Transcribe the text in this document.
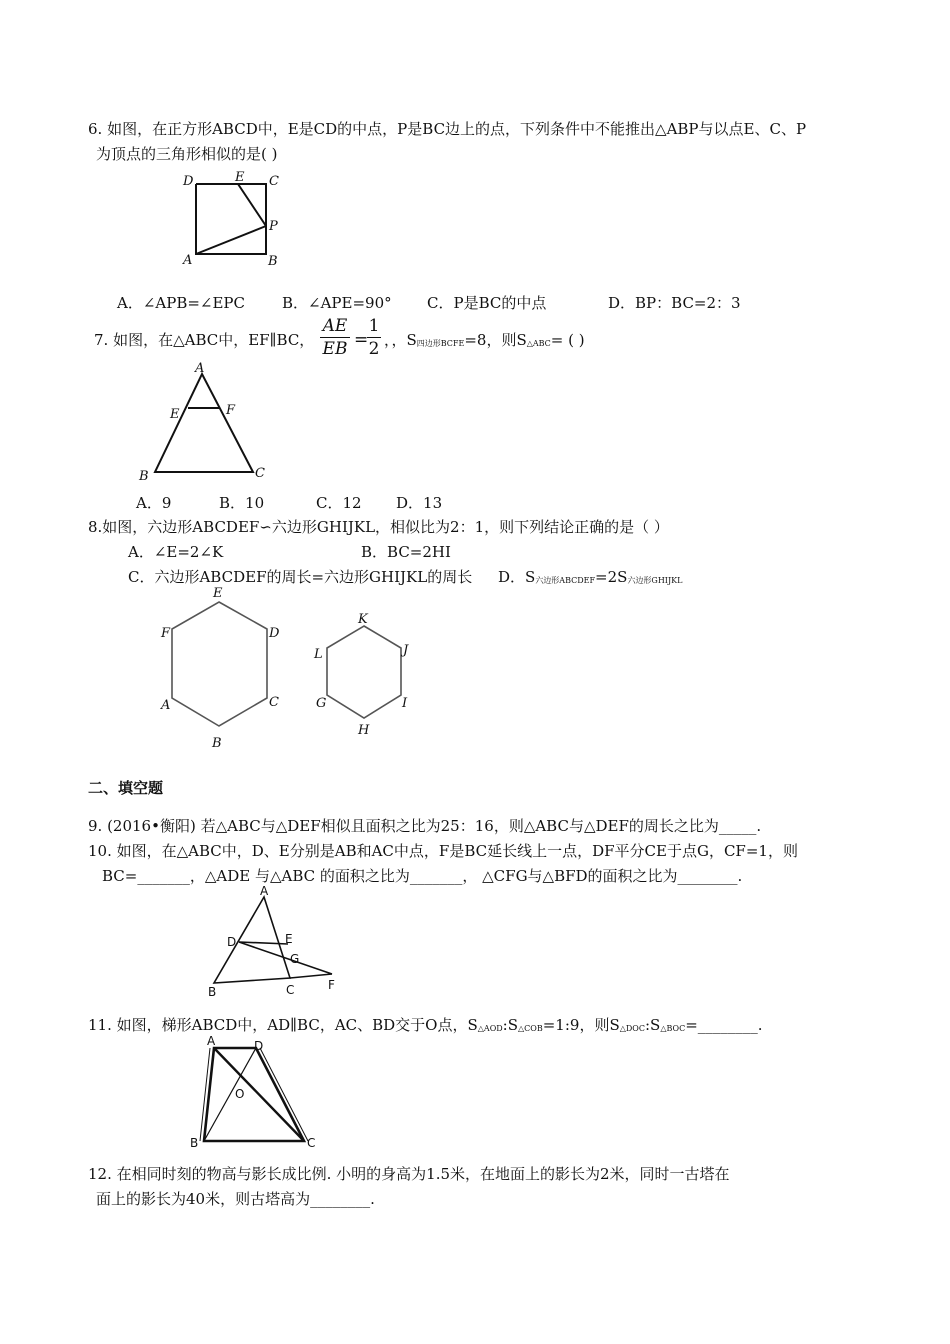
6. 如图，在正方形ABCD中，E是CD的中点，P是BC边上的点，下列条件中不能推出△ABP与以点E、C、P
为顶点的三角形相似的是( )
D	E C
P
A	B
A．∠APB=∠EPC B．∠APE=90° C．P是BC的中点	D．BP：BC=2：3
7. 如图，在△ABC中，EF∥BC， $\frac{AE}{EB}$ =
$\frac{1}{2}$ ，，$S_{四边形BCFE}=8$，则$S_{\triangle ABC}=$ ( )
A
E	F
B	C
A．9	B．10	C．12 D．13
8.如图，六边形ABCDEF∽六边形GHIJKL，相似比为2：1，则下列结论正确的是（ ）
A．∠E=2∠K	B．BC=2HI
C．六边形ABCDEF的周长=六边形GHIJKL的周长 D．$S_{六边形ABCDEF}=2S_{六边形GHIJKL}$
E
F	D
A	C
B
K
L	J
G	I
H
二、填空题
9. (2016•衡阳) 若△ABC与△DEF相似且面积之比为25：16，则△ABC与△DEF的周长之比为_____.
10. 如图，在△ABC中，D、E分别是AB和AC中点，F是BC延长线上一点，DF平分CE于点G，CF=1，则
BC=_______，△ADE 与△ABC 的面积之比为_______， △CFG与△BFD的面积之比为________.
A
D	E
G
B	C	F
11. 如图，梯形ABCD中，AD∥BC，AC、BD交于O点，$S_{\triangle AOD}:S_{\triangle COB}=1:9$，则$S_{\triangle DOC}:S_{\triangle BOC}=\_\_\_\_\_\_\_\_$.
A	D
O
B	C
12. 在相同时刻的物高与影长成比例. 小明的身高为1.5米，在地面上的影长为2米，同时一古塔在
面上的影长为40米，则古塔高为________.
